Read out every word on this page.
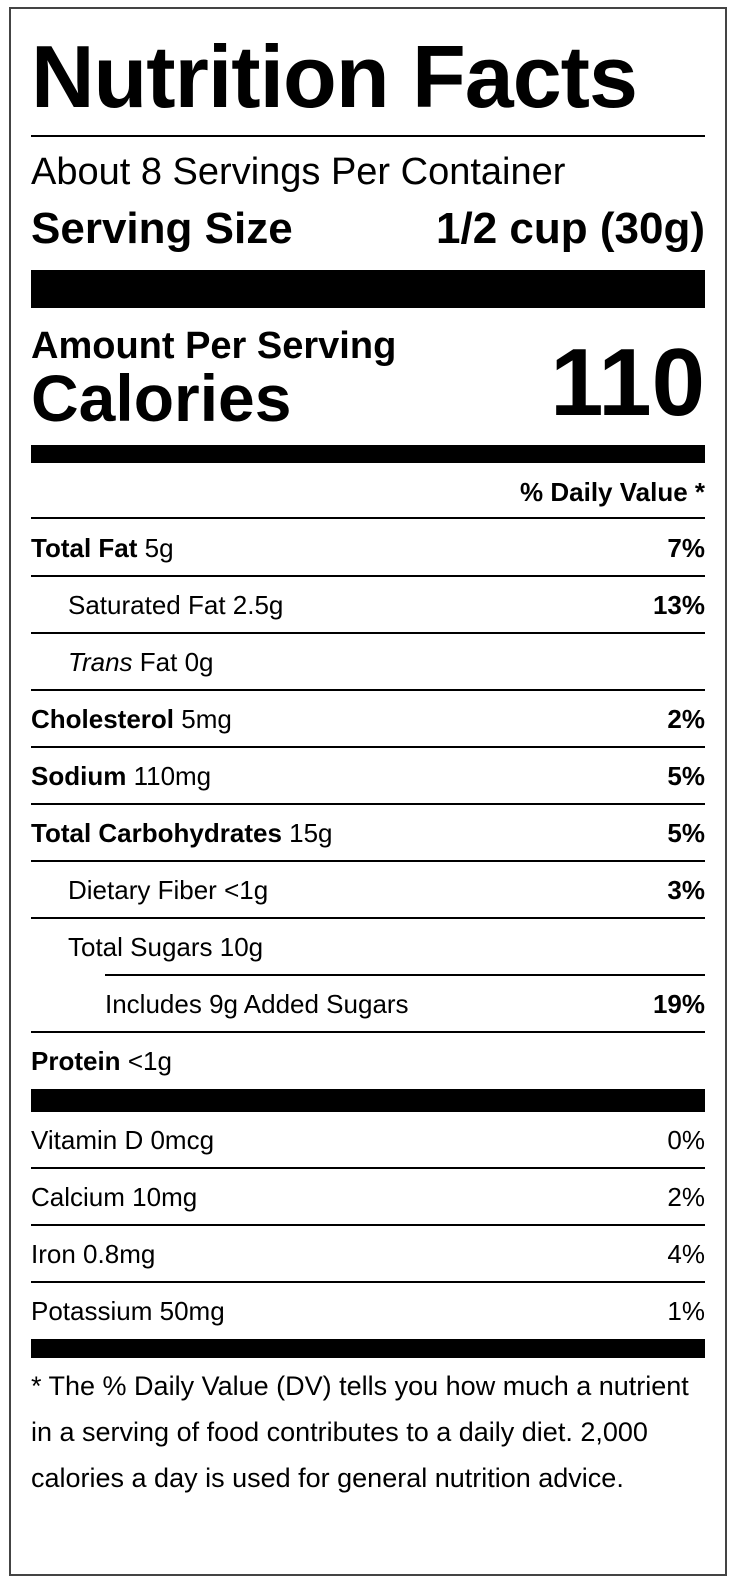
Nutrition Facts
About 8 Servings Per Container
Serving Size	1/2 cup (30g)
Amount Per Serving
Calories	110
% Daily Value *
Total Fat 5g	7%
Saturated Fat 2.5g	13%
Trans Fat 0g
Cholesterol 5mg	2%
Sodium 110mg	5%
Total Carbohydrates 15g	5%
Dietary Fiber <1g	3%
Total Sugars 10g
Includes 9g Added Sugars	19%
Protein <1g
Vitamin D 0mcg	0%
Calcium 10mg	2%
Iron 0.8mg	4%
Potassium 50mg	1%
* The % Daily Value (DV) tells you how much a nutrient in a serving of food contributes to a daily diet. 2,000 calories a day is used for general nutrition advice.
